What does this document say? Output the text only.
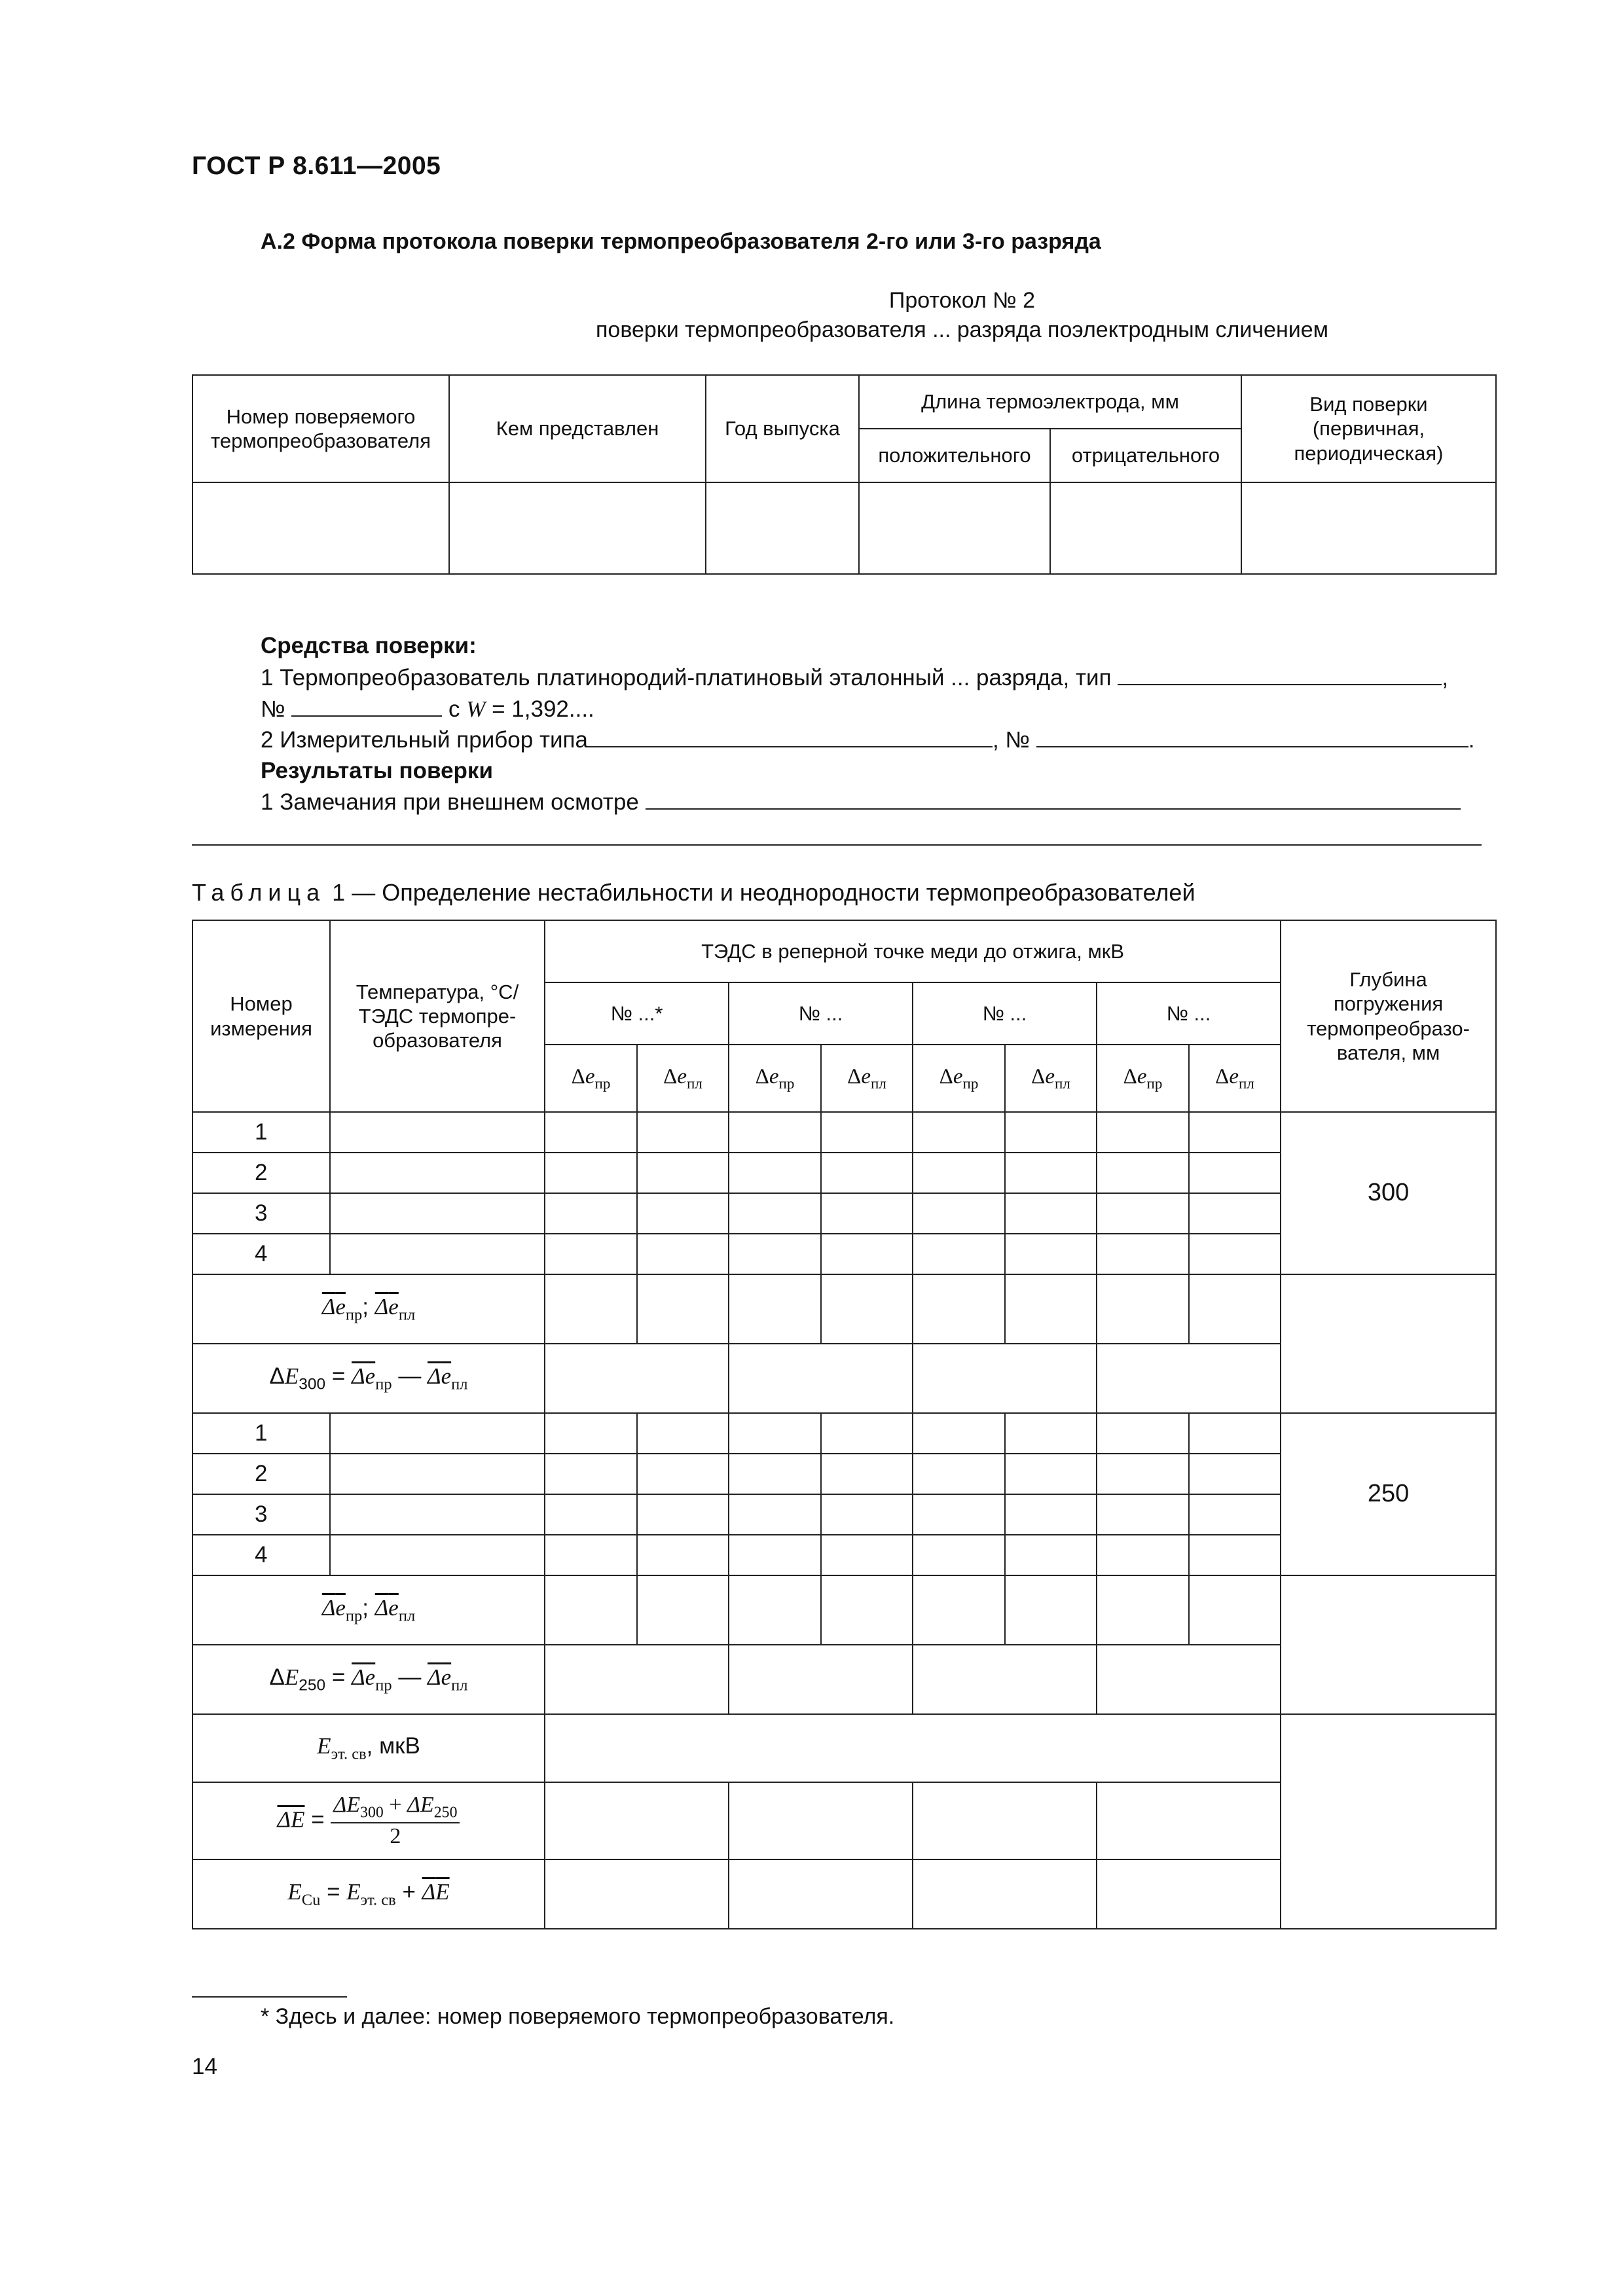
ГОСТ Р 8.611—2005
А.2 Форма протокола поверки термопреобразователя 2-го или 3-го разряда
Протокол № 2
поверки термопреобразователя ... разряда поэлектродным сличением
Номер поверяемого термопреобразователя	Кем представлен	Год выпуска	Длина термоэлектрода, мм		Вид поверки (первичная, периодическая)
			положительного	отрицательного	

Средства поверки:
1 Термопреобразователь платинородий-платиновый эталонный ... разряда, тип	,
№	с W = 1,392....
2 Измерительный прибор типа	, №	.
Результаты поверки
1 Замечания при внешнем осмотре
Таблица 1 — Определение нестабильности и неоднородности термопреобразователей
Номер измерения	Температура, °С/ТЭДС термопре-образователя	ТЭДС в реперной точке меди до отжига, мкВ								Глубина погружения термопреобразо-вателя, мм
		№ ...*		№ ...		№ ...		№ ...		
		$\Delta e_{пр}$	$\Delta e_{пл}$	$\Delta e_{пр}$	$\Delta e_{пл}$	$\Delta e_{пр}$	$\Delta e_{пл}$	$\Delta e_{пр}$	$\Delta e_{пл}$
1										300
2										
3										
4										
$\Delta e_{пр}$; $\Delta e_{пл}$									
$\Delta E_{300} = \Delta e_{пр}$ — $\Delta e_{пл}$				
1										250
2										
3										
4										
$\Delta e_{пр}$; $\Delta e_{пл}$									
$\Delta E_{250} = \Delta e_{пр}$ — $\Delta e_{пл}$				
$E_{эт. св}$, мкВ										
$\Delta E = \frac{\Delta E_{300} + \Delta E_{250}}{2}$

$E_{Cu} = E_{эт. св} + \Delta E$										
* Здесь и далее: номер поверяемого термопреобразователя.
14
